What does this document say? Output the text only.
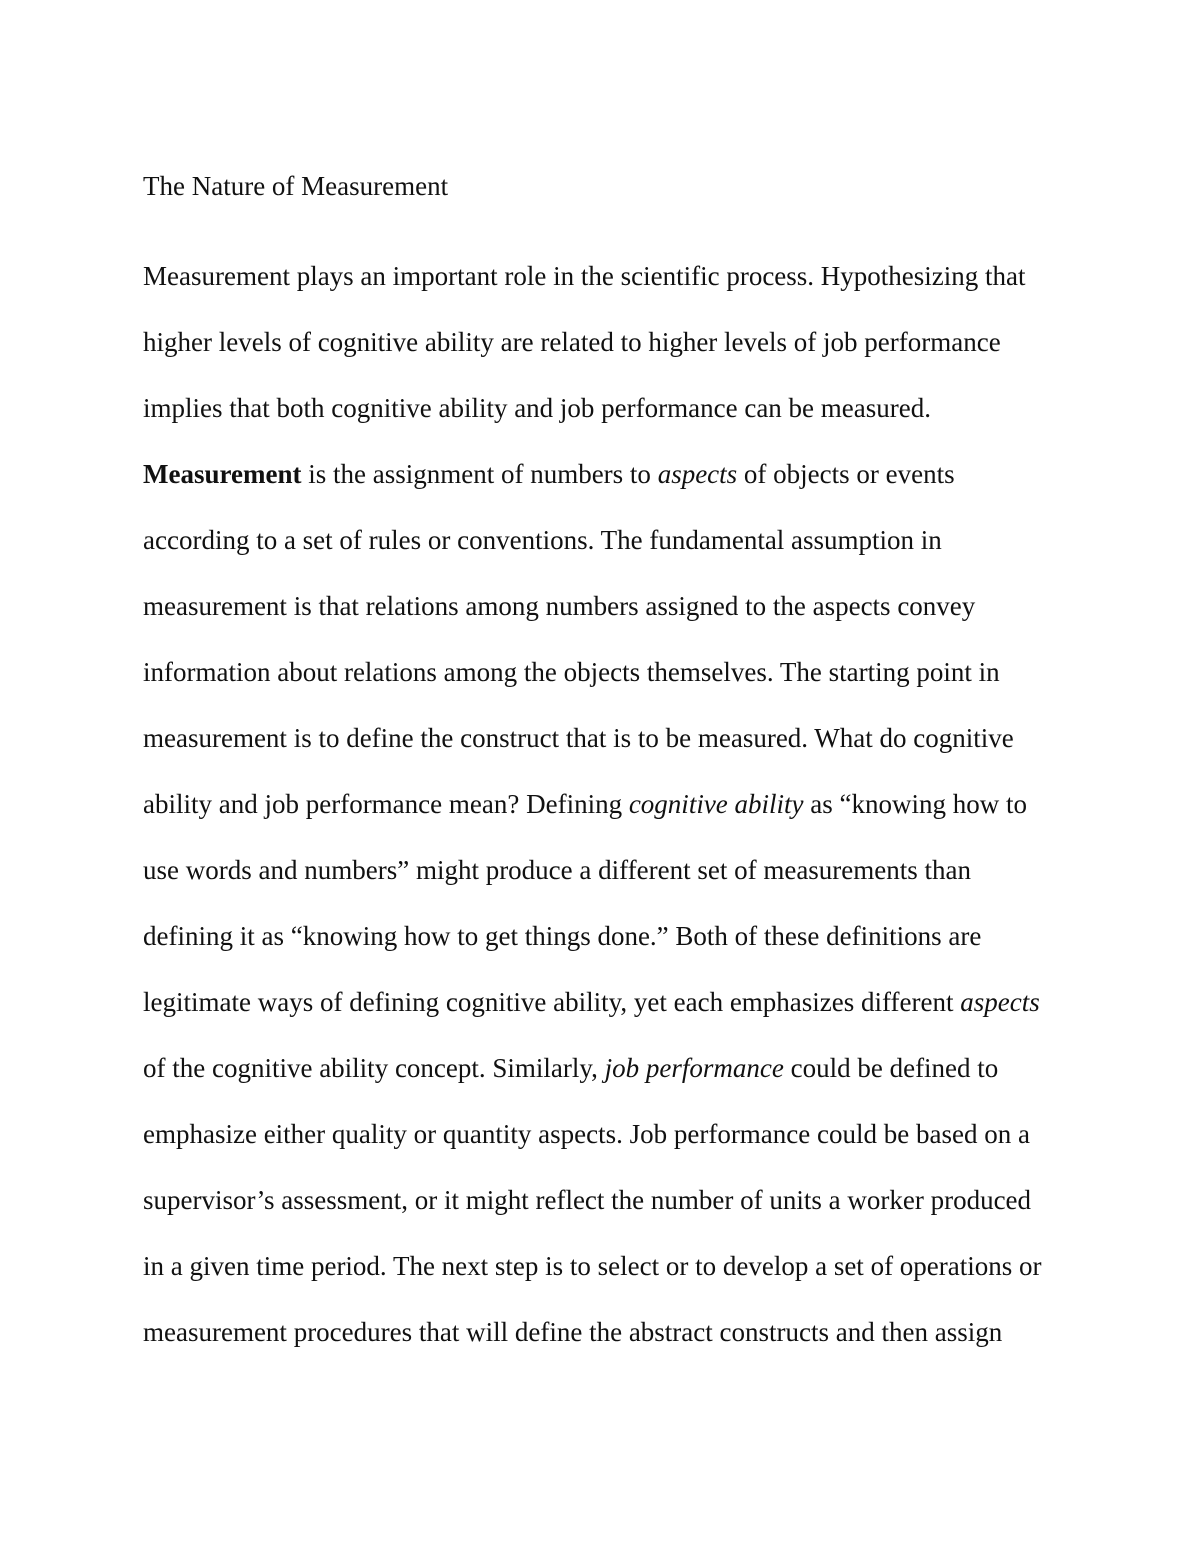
The Nature of Measurement
Measurement plays an important role in the scientific process. Hypothesizing that
higher levels of cognitive ability are related to higher levels of job performance
implies that both cognitive ability and job performance can be measured.
Measurement is the assignment of numbers to aspects of objects or events
according to a set of rules or conventions. The fundamental assumption in
measurement is that relations among numbers assigned to the aspects convey
information about relations among the objects themselves. The starting point in
measurement is to define the construct that is to be measured. What do cognitive
ability and job performance mean? Defining cognitive ability as “knowing how to
use words and numbers” might produce a different set of measurements than
defining it as “knowing how to get things done.” Both of these definitions are
legitimate ways of defining cognitive ability, yet each emphasizes different aspects
of the cognitive ability concept. Similarly, job performance could be defined to
emphasize either quality or quantity aspects. Job performance could be based on a
supervisor’s assessment, or it might reflect the number of units a worker produced
in a given time period. The next step is to select or to develop a set of operations or
measurement procedures that will define the abstract constructs and then assign
